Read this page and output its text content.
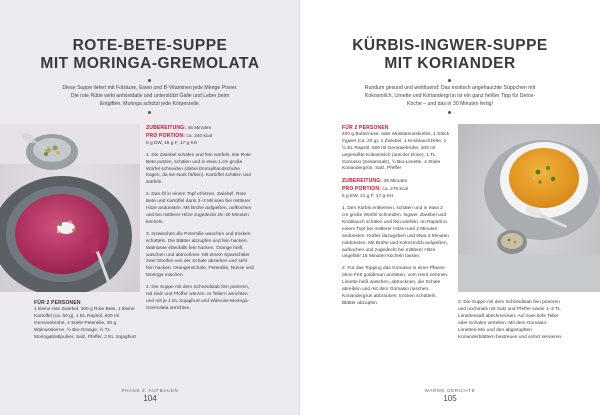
ROTE-BETE-SUPPE
MIT MORINGA-GREMOLATA
Diese Suppe liefert mit Folsäure, Eisen und B-Vitaminen jede Menge Power. Die rote Rübe wirkt antioxidativ und unterstützt Galle und Leber beim Entgiften, Moringa schützt jede Körperzelle.
ZUBEREITUNG: 45 Minuten
PRO PORTION: ca. 240 kcal
6 g EW, 15 g F, 17 g KH
1. Die Zwiebel schälen und fein würfeln. Die Rote Bete putzen, schälen und in etwa 1 cm große Würfel schneiden (dabei Einmalhandschuhe tragen, da sie stark färben). Kartoffel schälen und würfeln.
2. Das Öl in einem Topf erhitzen. Zwiebel, Rote Bete und Kartoffel darin 2–3 Minuten bei mittlerer Hitze andünsten. Mit Brühe aufgießen, aufkochen und bei mittlerer Hitze zugedeckt 25–30 Minuten köcheln.
3. Inzwischen die Petersilie waschen und trocken schütteln. Die Blätter abzupfen und fein hacken. Walnüsse ebenfalls fein hacken. Orange heiß waschen und abtrocknen. Mit einem Sparschäler zwei Streifen von der Schale abziehen und sehr fein hacken. Orangenschale, Petersilie, Nüsse und Moringa mischen.
4. Die Suppe mit dem Schneidstab fein pürieren, mit Salz und Pfeffer würzen. In Tellern anrichten und mit je 1 EL Sojaghurt und Walnuss-Moringa-Gremolata anrichten.
FÜR 2 PERSONEN
1 kleine rote Zwiebel, 300 g Rote Bete, 1 kleine Kartoffel (ca. 50 g), 1 EL Rapsöl, 600 ml Gemüsebrühe, 4 Stiele Petersilie, 30 g Walnusskerne, ½ Bio-Orange, ½ TL Moringablattpulver, Salz, Pfeffer, 2 EL Sojaghurt
PHASE 2: AUFBAUEN
104
KÜRBIS-INGWER-SUPPE
MIT KORIANDER
Rundum gesund und wohltuend: Das exotisch angehauchte Süppchen mit Kokosmilch, Limette und Koriandergrün ist ein ganz heißer Tipp für Detox-Köche – und das in 30 Minuten fertig!
FÜR 2 PERSONEN
400 g Butternuss- oder Muskatnusskürbis, 1 Stück Ingwer (ca. 20 g), 1 Zwiebel, 1 Knoblauchzehe, 1 ½ EL Rapsöl, 600 ml Gemüsebrühe, 100 ml ungesüßte Kokosmilch (aus der Dose), 1 TL Gomasio (Sesamsalz), ½ Bio-Limette, 4 Stiele Koriandergrün, Salz, Pfeffer
ZUBEREITUNG: 30 Minuten
PRO PORTION: ca. 275 kcal
5 g EW, 21 g F, 17 g KH
1. Den Kürbis entkernen, schälen und in etwa 2 cm große Würfel schneiden. Ingwer, Zwiebel und Knoblauch schälen und fein würfeln. Im Rapsöl in einem Topf bei mittlerer Hitze rund 2 Minuten andünsten. Kürbis dazugeben und etwa 3 Minuten mitdünsten. Mit Brühe und Kokosmilch aufgießen, aufkochen und zugedeckt bei mittlerer Hitze ungefähr 15 Minuten köcheln lassen.
2. Für das Topping das Gomasio in einer Pfanne ohne Fett goldbraun anrösten, vom Herd nehmen. Limette heiß waschen, abtrocknen, die Schale abreiben und mit dem Gomasio mischen. Koriandergrün abbrausen, trocken schütteln, Blätter abzupfen.	3. Die Suppe mit dem Schneidstab fein pürieren und nochmals mit Salz und Pfeffer sowie 1–2 TL Limettensaft abschmecken. Auf zwei tiefe Teller oder Schalen verteilen. Mit dem Gomasio-Limetten-Mix und den abgezupften Korianderblättern bestreuen und sofort servieren.
WARME GERICHTE
105
